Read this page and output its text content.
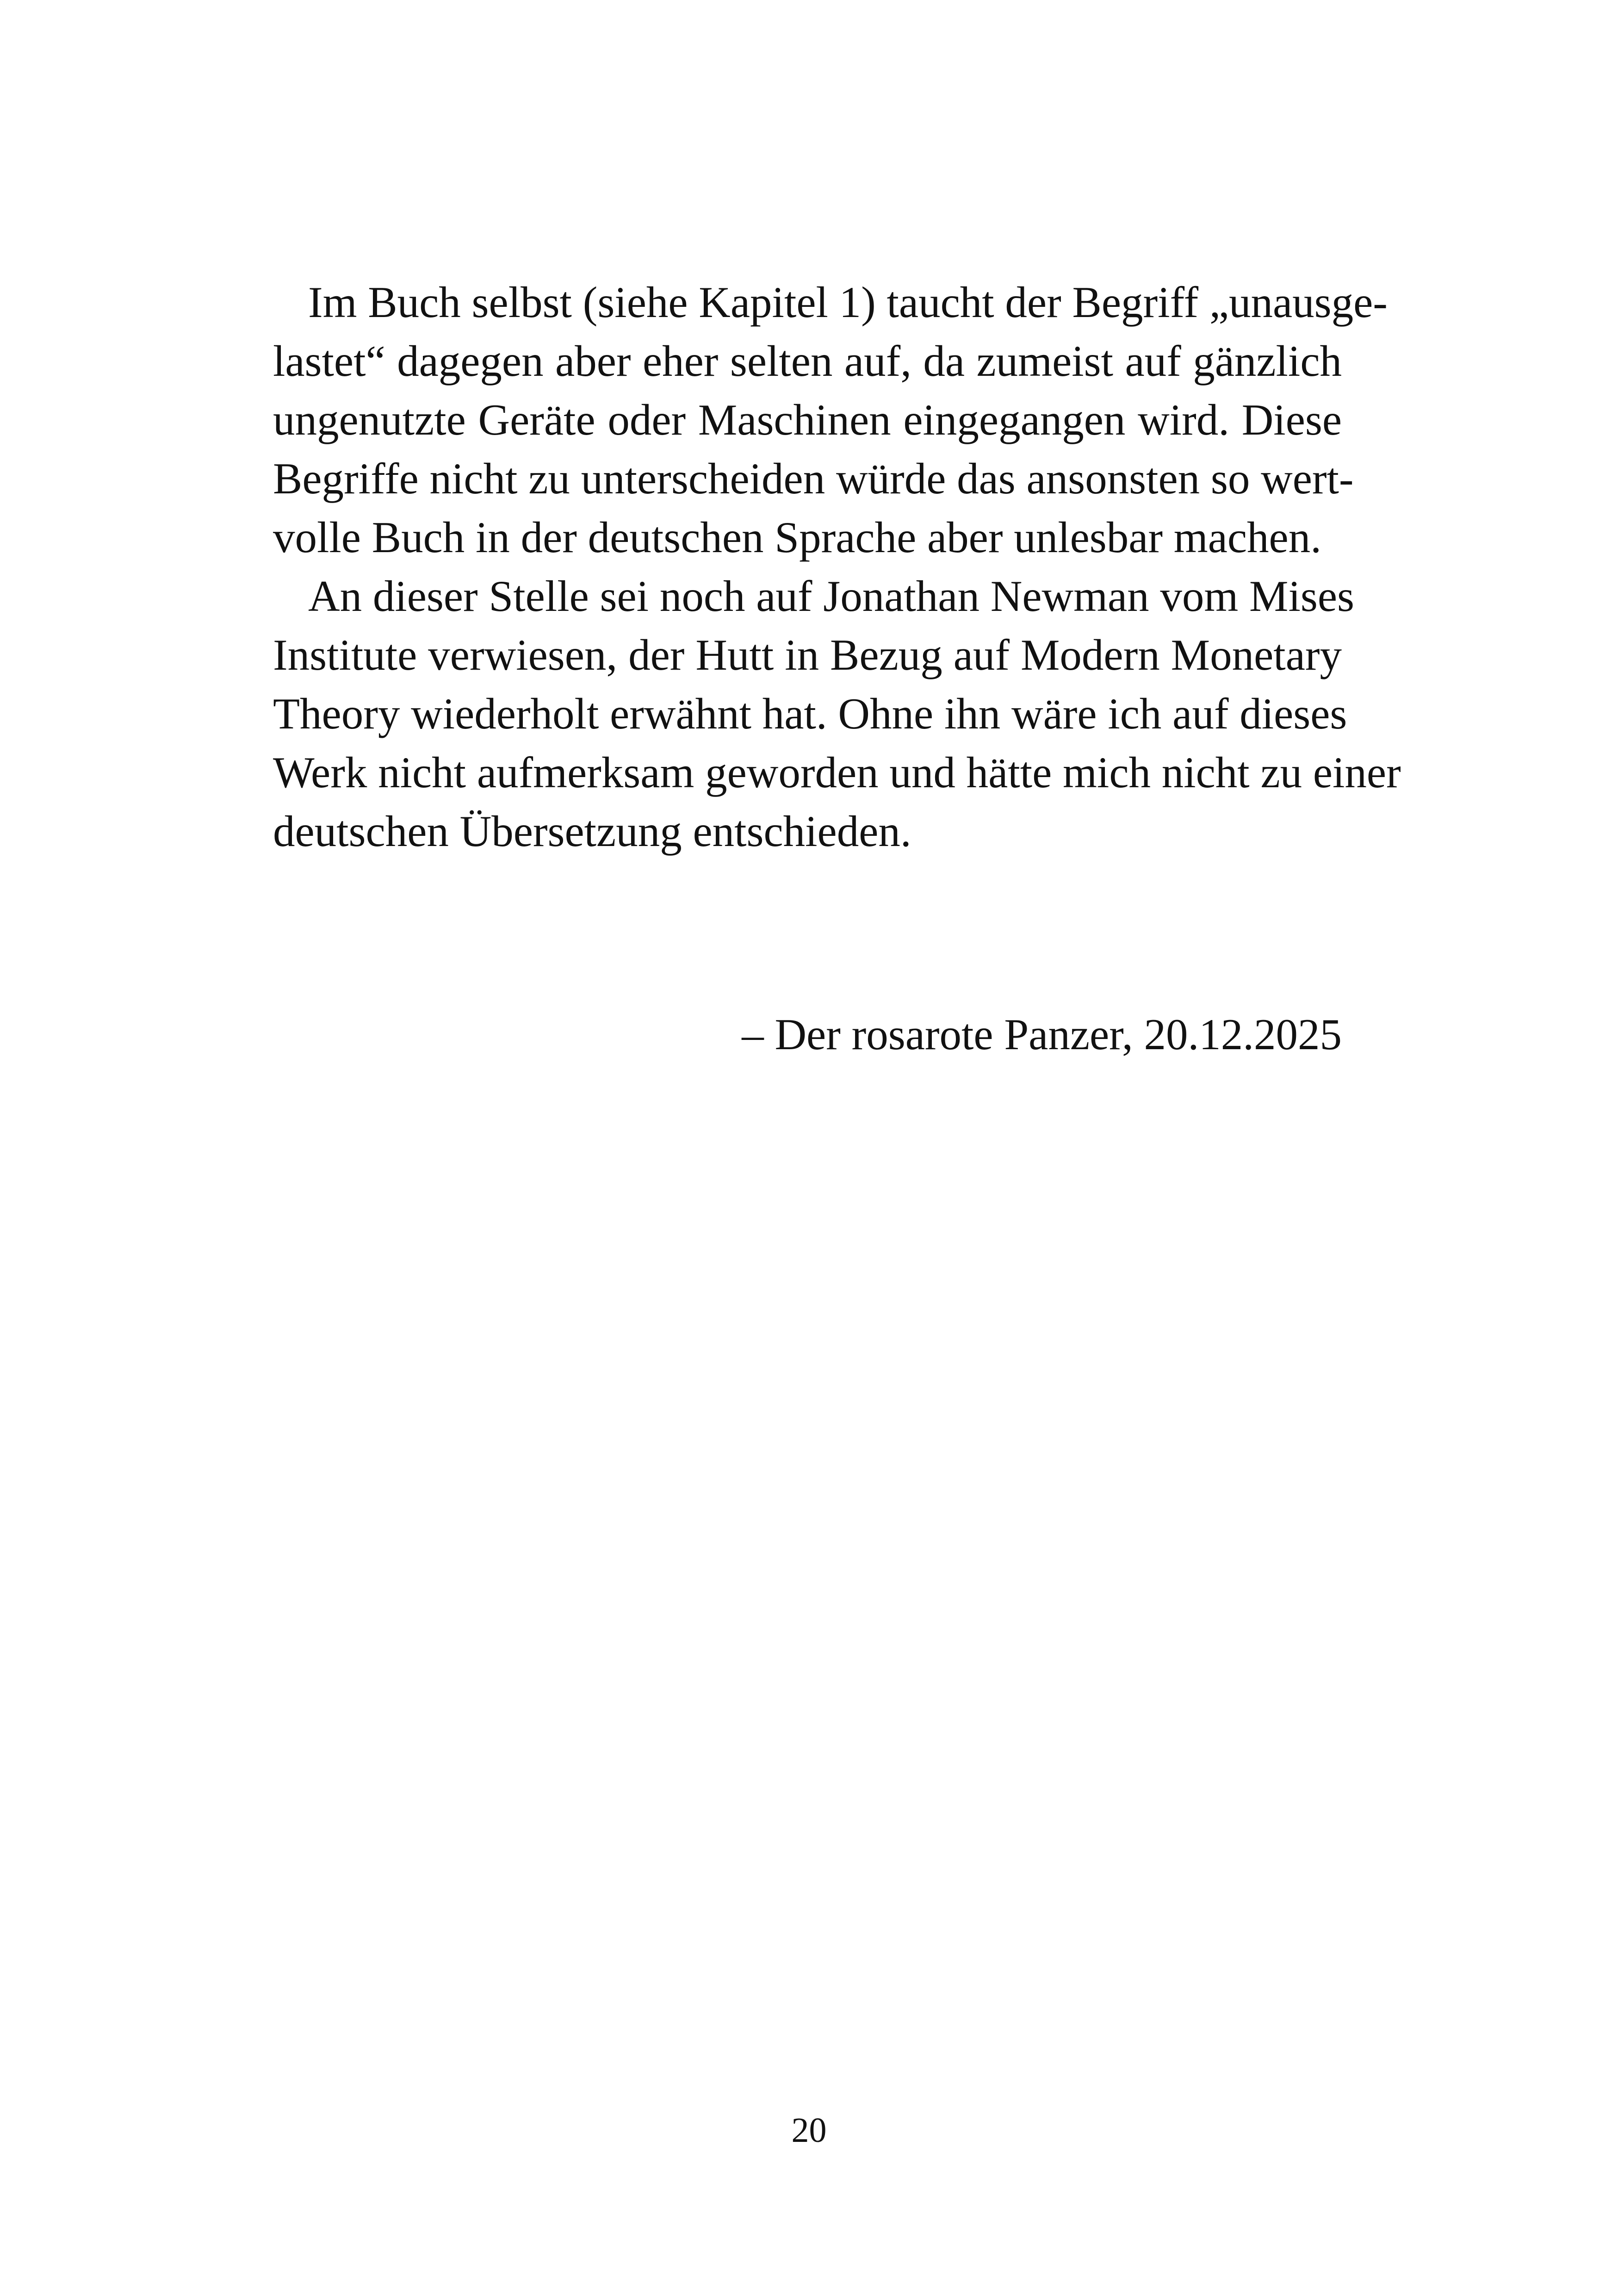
Im Buch selbst (siehe Kapitel 1) taucht der Begriff „unausge-
lastet“ dagegen aber eher selten auf, da zumeist auf gänzlich
ungenutzte Geräte oder Maschinen eingegangen wird. Diese
Begriffe nicht zu unterscheiden würde das ansonsten so wert-
volle Buch in der deutschen Sprache aber unlesbar machen.
An dieser Stelle sei noch auf Jonathan Newman vom Mises
Institute verwiesen, der Hutt in Bezug auf Modern Monetary
Theory wiederholt erwähnt hat. Ohne ihn wäre ich auf dieses
Werk nicht aufmerksam geworden und hätte mich nicht zu einer
deutschen Übersetzung entschieden.
– Der rosarote Panzer, 20.12.2025
20
